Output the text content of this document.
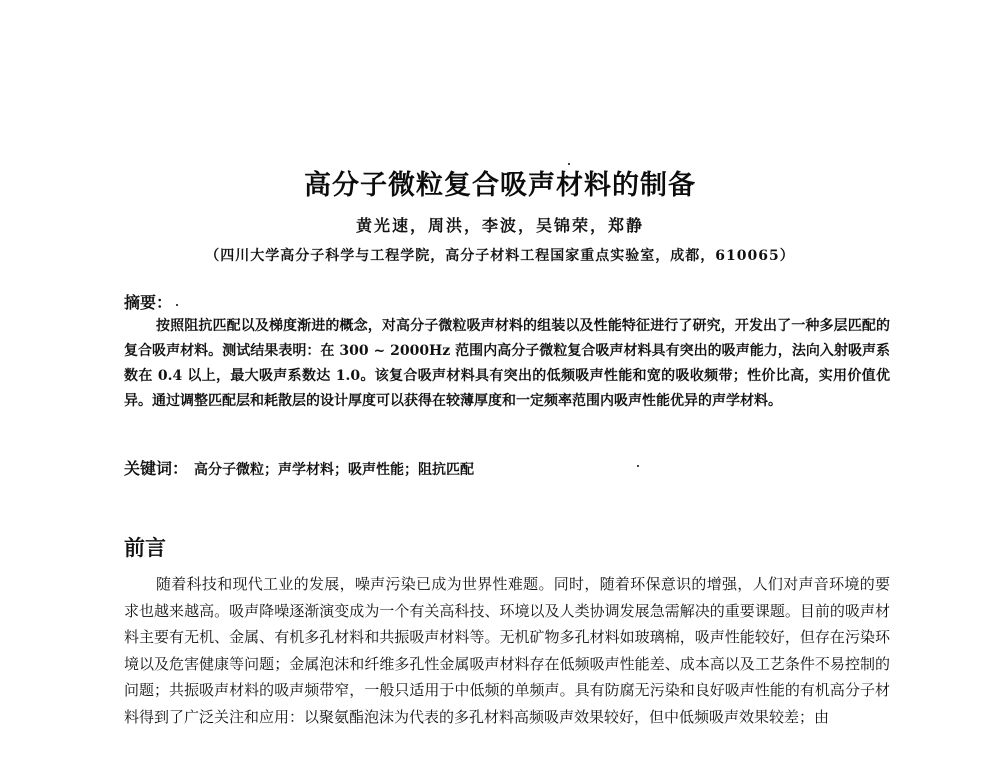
高分子微粒复合吸声材料的制备
黄光速，周洪，李波，吴锦荣，郑静
（四川大学高分子科学与工程学院，高分子材料工程国家重点实验室，成都，610065）
摘要：

按照阻抗匹配以及梯度渐进的概念，对高分子微粒吸声材料的组装以及性能特征进行了研究，开发出了一种多层匹配的复合吸声材料。测试结果表明：在 300 ~ 2000Hz 范围内高分子微粒复合吸声材料具有突出的吸声能力，法向入射吸声系数在 0.4 以上，最大吸声系数达 1.0。该复合吸声材料具有突出的低频吸声性能和宽的吸收频带；性价比高，实用价值优异。通过调整匹配层和耗散层的设计厚度可以获得在较薄厚度和一定频率范围内吸声性能优异的声学材料。

关键词： 高分子微粒；声学材料；吸声性能；阻抗匹配
前言

随着科技和现代工业的发展，噪声污染已成为世界性难题。同时，随着环保意识的增强，人们对声音环境的要求也越来越高。吸声降噪逐渐演变成为一个有关高科技、环境以及人类协调发展急需解决的重要课题。目前的吸声材料主要有无机、金属、有机多孔材料和共振吸声材料等。无机矿物多孔材料如玻璃棉，吸声性能较好，但存在污染环境以及危害健康等问题；金属泡沫和纤维多孔性金属吸声材料存在低频吸声性能差、成本高以及工艺条件不易控制的问题；共振吸声材料的吸声频带窄，一般只适用于中低频的单频声。具有防腐无污染和良好吸声性能的有机高分子材料得到了广泛关注和应用：以聚氨酯泡沫为代表的多孔材料高频吸声效果较好，但中低频吸声效果较差；由
